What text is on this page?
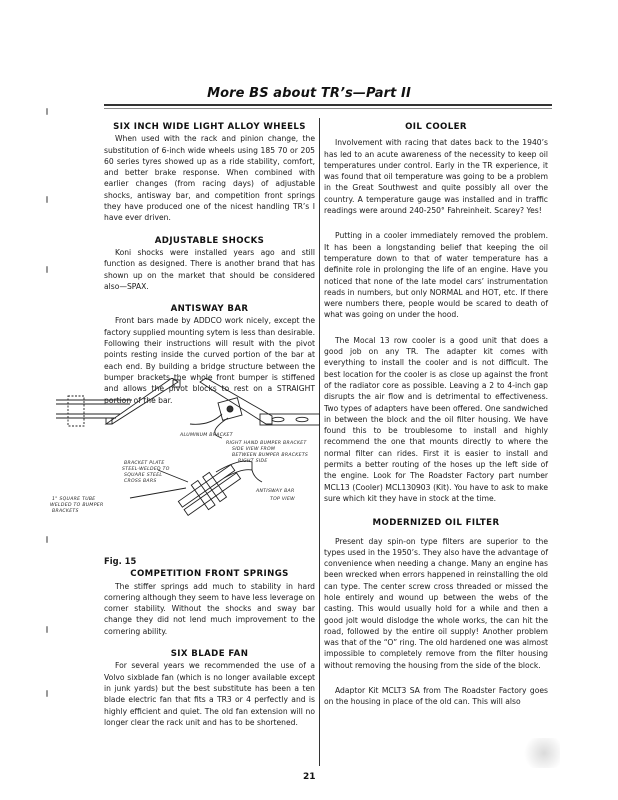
More BS about TR’s—Part II
SIX INCH WIDE LIGHT ALLOY WHEELS

When used with the rack and pinion change, the substitution of 6-inch wide wheels using 185 70 or 205 60 series tyres showed up as a ride stability, comfort, and better brake response. When combined with earlier changes (from racing days) of adjustable shocks, antisway bar, and competition front springs they have produced one of the nicest handling TR’s I have ever driven.

ADJUSTABLE SHOCKS

Koni shocks were installed years ago and still function as designed. There is another brand that has shown up on the market that should be considered also—SPAX.

ANTISWAY BAR

Front bars made by ADDCO work nicely, except the factory supplied mounting sytem is less than desirable. Following their instructions will result with the pivot points resting inside the curved portion of the bar at each end. By building a bridge structure between the bumper brackets the whole front bumper is stiffened and allows the pivot blocks to rest on a STRAIGHT portion of the bar.

ALUMINUM BRACKET
RIGHT HAND BUMPER BRACKET
SIDE VIEW FROM
BETWEEN BUMPER BRACKETS
RIGHT SIDE
BRACKET PLATE
STEEL-WELDED TO
SQUARE STEEL
CROSS BARS
1" SQUARE TUBE
WELDED TO BUMPER
BRACKETS
ANTISWAY BAR
TOP VIEW

Fig. 15

COMPETITION FRONT SPRINGS

The stiffer springs add much to stability in hard cornering although they seem to have less leverage on corner stability. Without the shocks and sway bar change they did not lend much improvement to the cornering ability.

SIX BLADE FAN

For several years we recommended the use of a Volvo sixblade fan (which is no longer available except in junk yards) but the best substitute has been a ten blade electric fan that fits a TR3 or 4 perfectly and is highly efficient and quiet. The old fan extension will no longer clear the rack unit and has to be shortened.

OIL COOLER

Involvement with racing that dates back to the 1940’s has led to an acute awareness of the necessity to keep oil temperatures under control. Early in the TR experience, it was found that oil temperature was going to be a problem in the Great Southwest and quite possibly all over the country. A temperature gauge was installed and in traffic readings were around 240-250° Fahreinheit. Scarey? Yes!

Putting in a cooler immediately removed the problem. It has been a longstanding belief that keeping the oil temperature down to that of water temperature has a definite role in prolonging the life of an engine. Have you noticed that none of the late model cars’ instrumentation reads in numbers, but only NORMAL and HOT, etc. If there were numbers there, people would be scared to death of what was going on under the hood.

The Mocal 13 row cooler is a good unit that does a good job on any TR. The adapter kit comes with everything to install the cooler and is not difficult. The best location for the cooler is as close up against the front of the radiator core as possible. Leaving a 2 to 4-inch gap disrupts the air flow and is detrimental to effectiveness. Two types of adapters have been offered. One sandwiched in between the block and the oil filter housing. We have found this to be troublesome to install and highly recommend the one that mounts directly to where the normal filter can rides. First it is easier to install and permits a better routing of the hoses up the left side of the engine. Look for The Roadster Factory part number MCL13 (Cooler) MCL130903 (Kit). You have to ask to make sure which kit they have in stock at the time.

MODERNIZED OIL FILTER

Present day spin-on type filters are superior to the types used in the 1950’s. They also have the advantage of convenience when needing a change. Many an engine has been wrecked when errors happened in reinstalling the old can type. The center screw cross threaded or missed the hole entirely and wound up between the webs of the casting. This would usually hold for a while and then a good jolt would dislodge the whole works, the can hit the road, followed by the entire oil supply! Another problem was that of the “O” ring. The old hardened one was almost impossible to completely remove from the filter housing without removing the housing from the side of the block.

Adaptor Kit MCLT3 SA from The Roadster Factory goes on the housing in place of the old can. This will also

21
